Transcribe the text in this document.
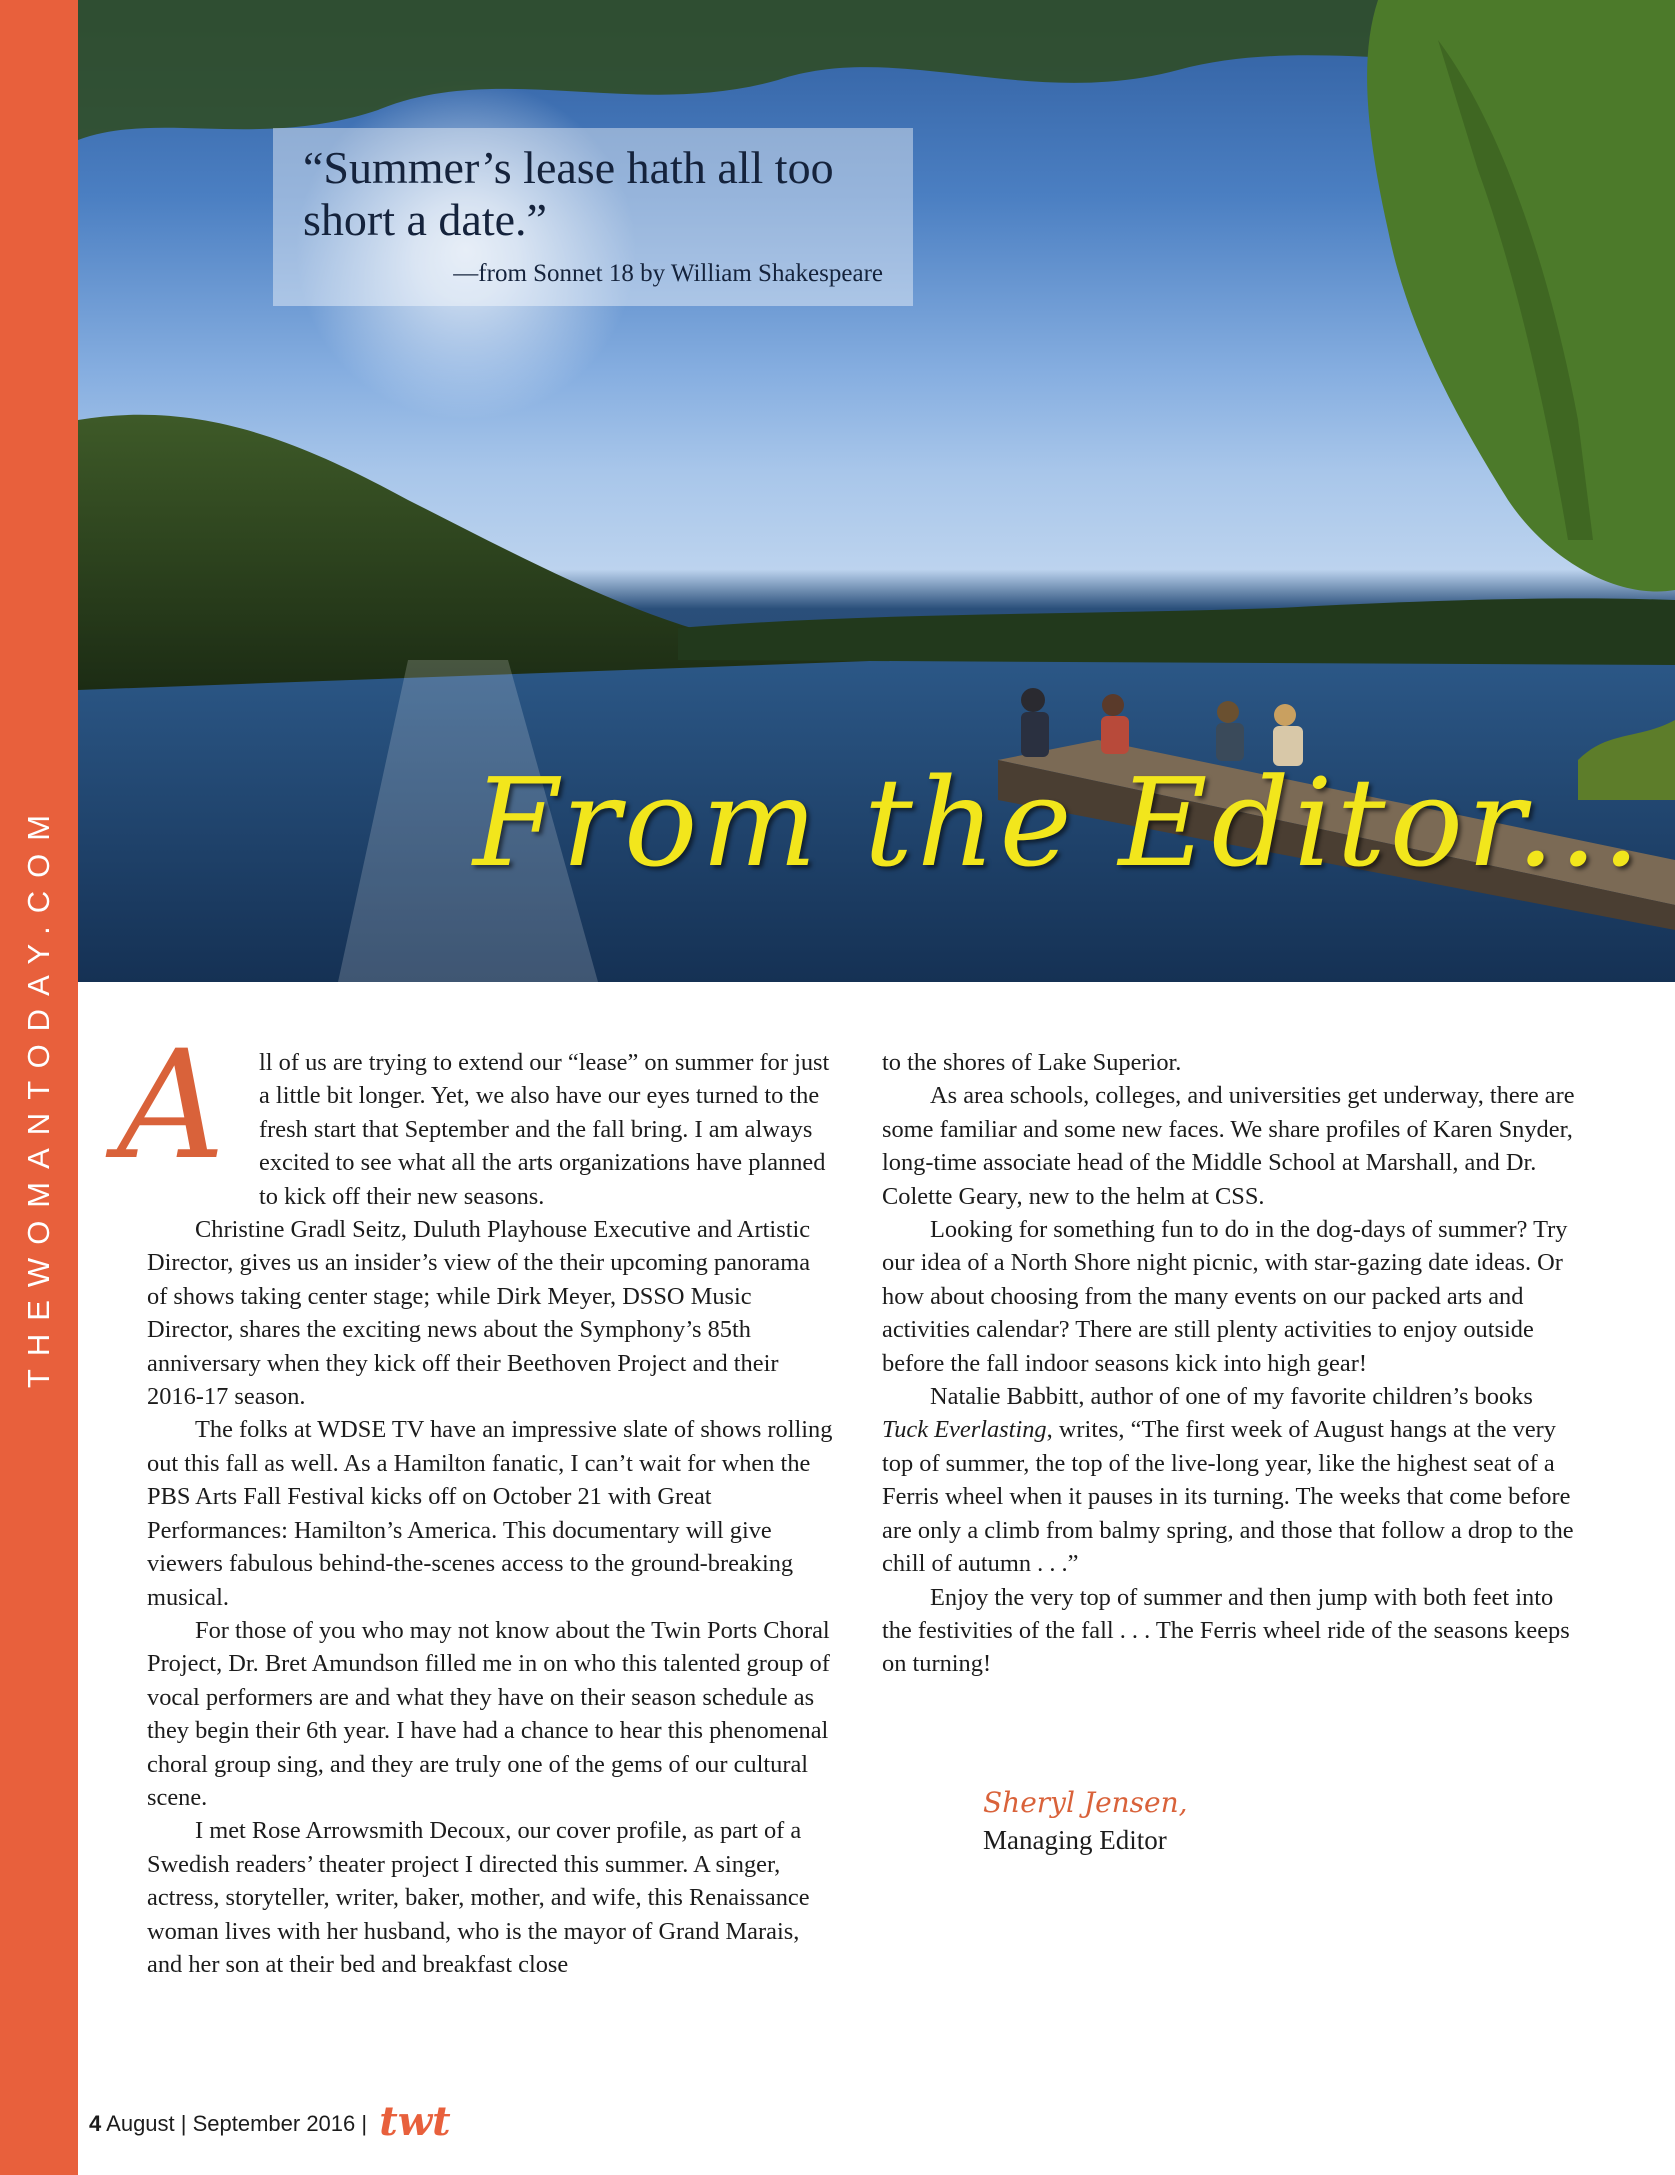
THEWOMANTODAY.COM

“Summer’s lease hath all too short a date.”

—from Sonnet 18 by William Shakespeare
From the Editor...
A	ll of us are trying to extend our “lease” on summer for just a little bit longer. Yet, we also have our eyes turned to the fresh start that September and the fall bring. I am always excited to see what all the arts organizations have planned to kick off their new seasons.

Christine Gradl Seitz, Duluth Playhouse Executive and Artistic Director, gives us an insider’s view of the their upcoming panorama of shows taking center stage; while Dirk Meyer, DSSO Music Director, shares the exciting news about the Symphony’s 85th anniversary when they kick off their Beethoven Project and their 2016-17 season.

The folks at WDSE TV have an impressive slate of shows rolling out this fall as well. As a Hamilton fanatic, I can’t wait for when the PBS Arts Fall Festival kicks off on October 21 with Great Performances: Hamilton’s America. This documentary will give viewers fabulous behind-the-scenes access to the ground-breaking musical.

For those of you who may not know about the Twin Ports Choral Project, Dr. Bret Amundson filled me in on who this talented group of vocal performers are and what they have on their season schedule as they begin their 6th year. I have had a chance to hear this phenomenal choral group sing, and they are truly one of the gems of our cultural scene.

I met Rose Arrowsmith Decoux, our cover profile, as part of a Swedish readers’ theater project I directed this summer. A singer, actress, storyteller, writer, baker, mother, and wife, this Renaissance woman lives with her husband, who is the mayor of Grand Marais, and her son at their bed and breakfast close

to the shores of Lake Superior.

As area schools, colleges, and universities get underway, there are some familiar and some new faces. We share profiles of Karen Snyder, long-time associate head of the Middle School at Marshall, and Dr. Colette Geary, new to the helm at CSS.

Looking for something fun to do in the dog-days of summer? Try our idea of a North Shore night picnic, with star-gazing date ideas. Or how about choosing from the many events on our packed arts and activities calendar? There are still plenty activities to enjoy outside before the fall indoor seasons kick into high gear!

Natalie Babbitt, author of one of my favorite children’s books Tuck Everlasting, writes, “The first week of August hangs at the very top of summer, the top of the live-long year, like the highest seat of a Ferris wheel when it pauses in its turning. The weeks that come before are only a climb from balmy spring, and those that follow a drop to the chill of autumn . . .”

Enjoy the very top of summer and then jump with both feet into the festivities of the fall . . . The Ferris wheel ride of the seasons keeps on turning!

Sheryl Jensen,

Managing Editor

4 August | September 2016 | twt
